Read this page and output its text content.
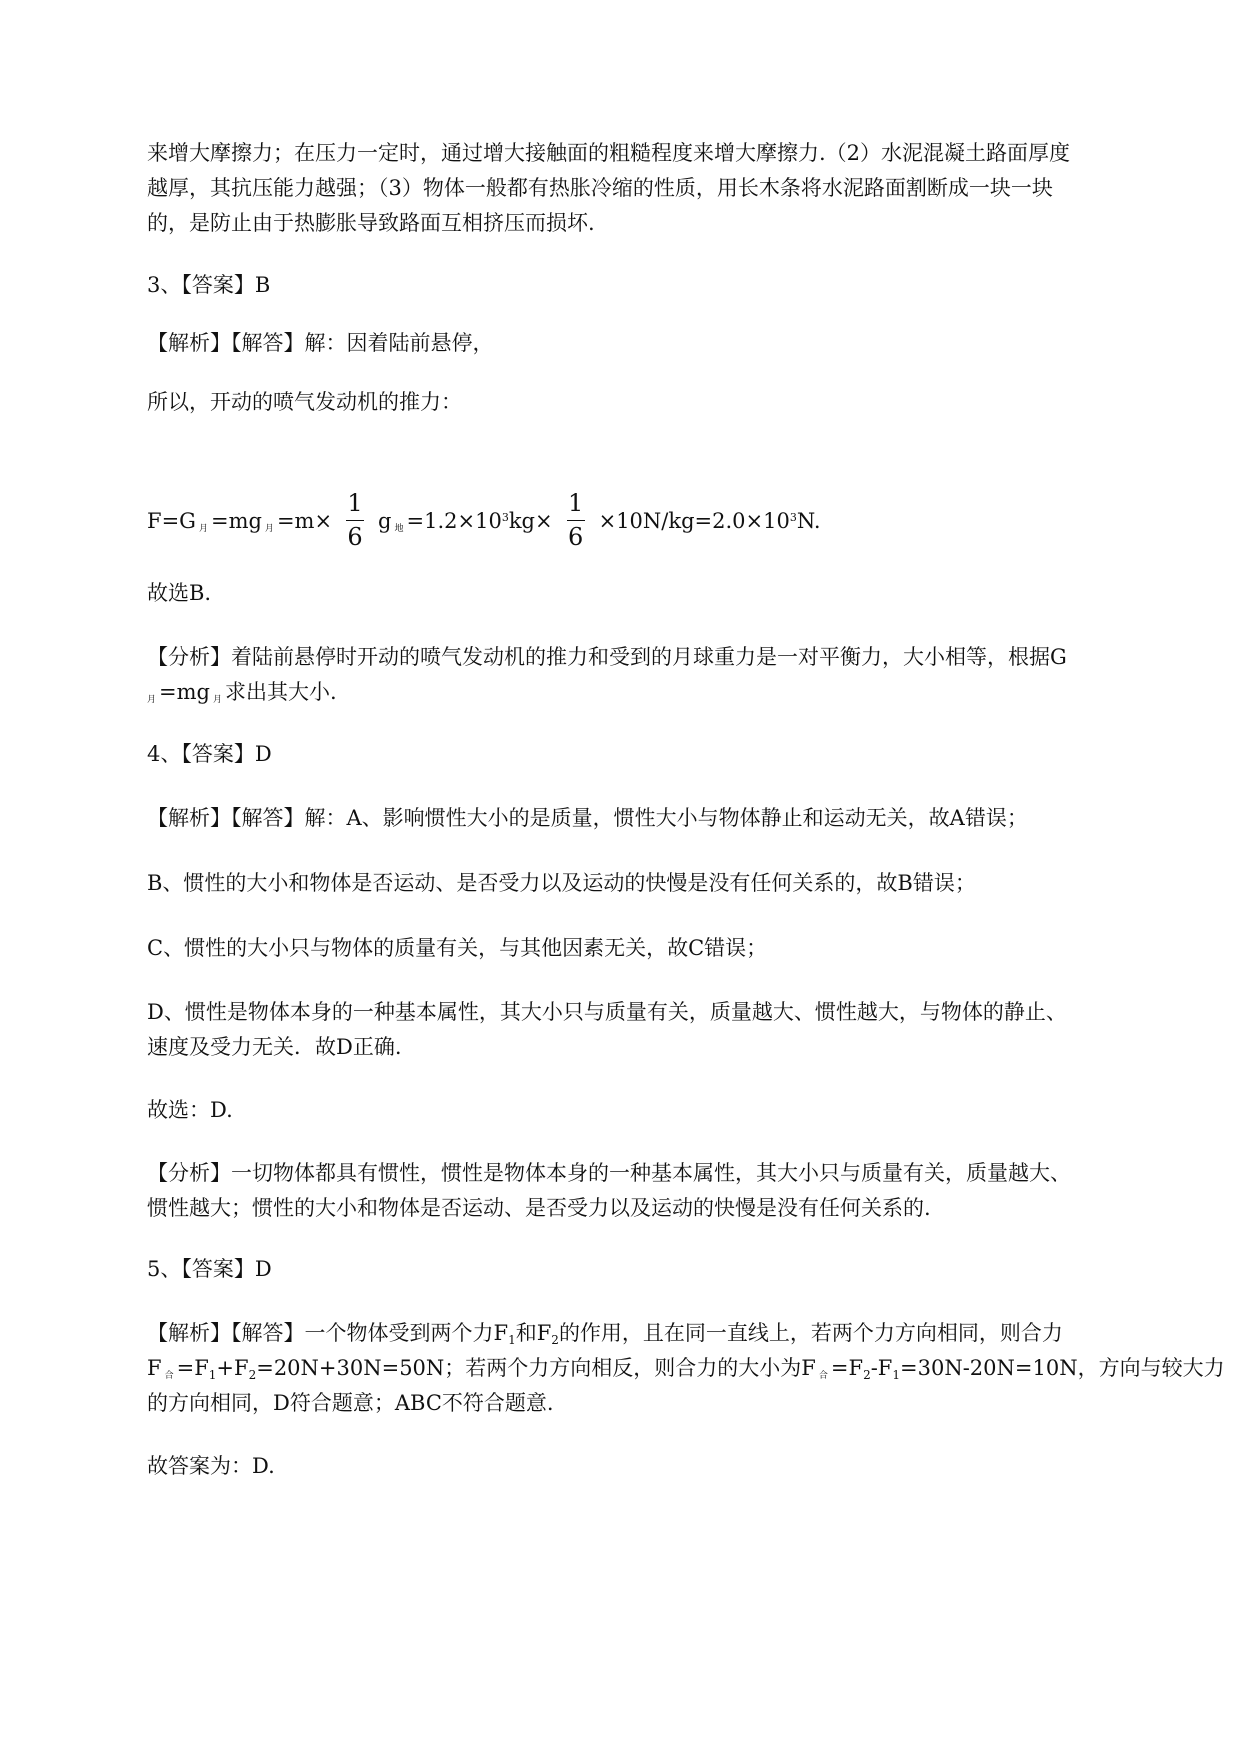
来增大摩擦力；在压力一定时，通过增大接触面的粗糙程度来增大摩擦力.（2）水泥混凝土路面厚度
越厚，其抗压能力越强；（3）物体一般都有热胀冷缩的性质，用长木条将水泥路面割断成一块一块
的，是防止由于热膨胀导致路面互相挤压而损坏.
3、【答案】B
【解析】【解答】解：因着陆前悬停，
所以，开动的喷气发动机的推力：
F=G $_月$ =mg $_月 =m\times \frac{1}{6}$ g $_地 =1.2\times 10^3kg\times \frac{1}{6} \times 10N/kg=2.0\times 10^3N$.
故选B.
【分析】着陆前悬停时开动的喷气发动机的推力和受到的月球重力是一对平衡力，大小相等，根据G
$_月$ =mg $_月$ 求出其大小.
4、【答案】D
【解析】【解答】解：A、影响惯性大小的是质量，惯性大小与物体静止和运动无关，故A错误；
B、惯性的大小和物体是否运动、是否受力以及运动的快慢是没有任何关系的，故B错误；
C、惯性的大小只与物体的质量有关，与其他因素无关，故C错误；
D、惯性是物体本身的一种基本属性，其大小只与质量有关，质量越大、惯性越大，与物体的静止、
速度及受力无关．故D正确.
故选：D.
【分析】一切物体都具有惯性，惯性是物体本身的一种基本属性，其大小只与质量有关，质量越大、
惯性越大；惯性的大小和物体是否运动、是否受力以及运动的快慢是没有任何关系的.
5、【答案】D
【解析】【解答】一个物体受到两个力$F_1$和$F_2$的作用，且在同一直线上，若两个力方向相同，则合力
F $_合 =F_1+F_2=20N+30N=50N$；若两个力方向相反，则合力的大小为F $_合 =F_2-F_1=30N-20N=10N$，方向与较大力
的方向相同，D符合题意；ABC不符合题意.
故答案为：D.
